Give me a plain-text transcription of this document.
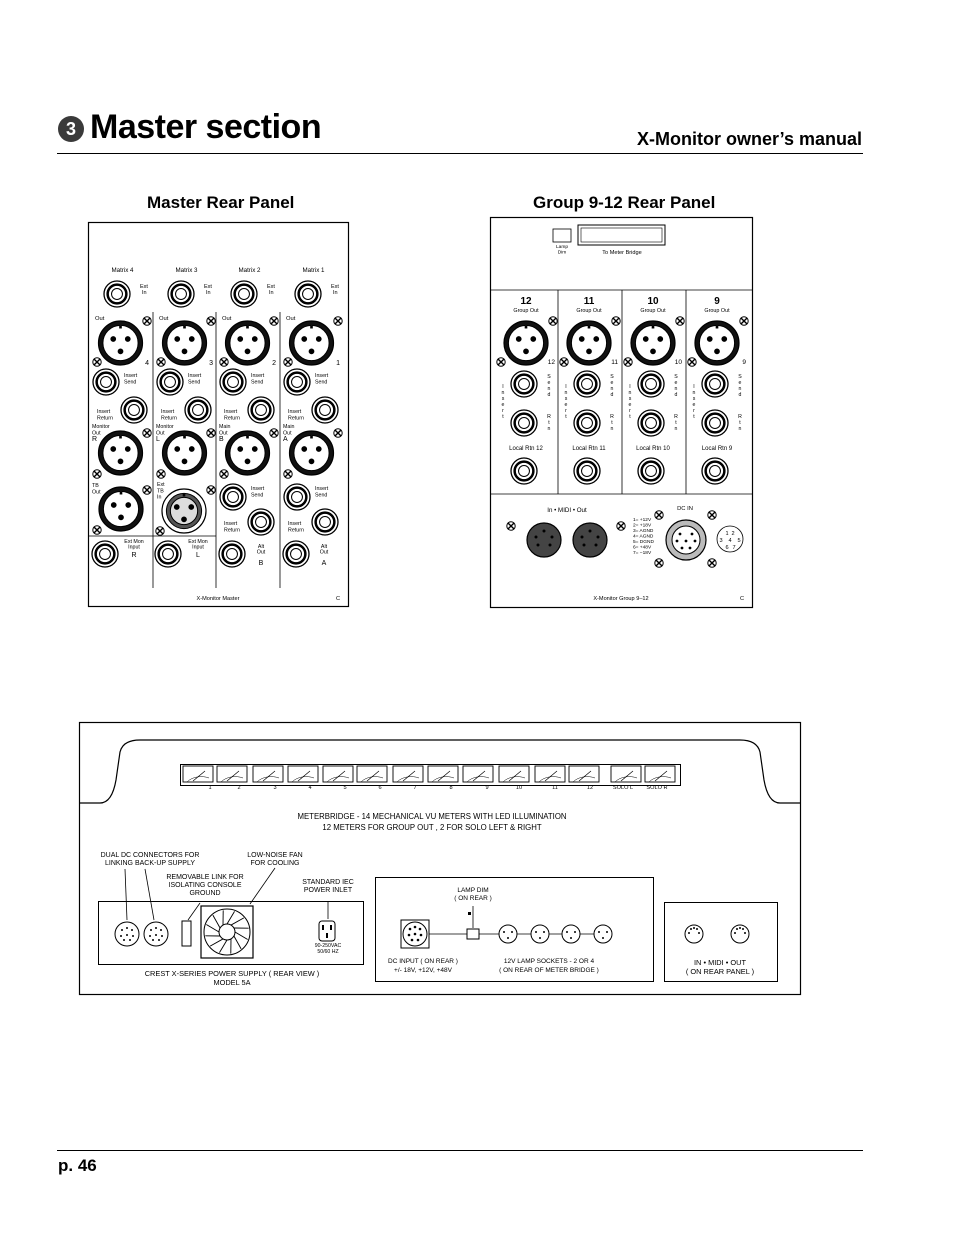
3 Master section	X-Monitor owner’s manual
Master Rear Panel	Group 9-12 Rear Panel
Matrix 4
Ext
In
Out
4
Insert
Send
Insert
Return
Matrix 3
Ext
In
Out
3
Insert
Send
Insert
Return
Matrix 2
Ext
In
Out
2
Insert
Send
Insert
Return
Matrix 1
Ext
In
Out
1
Insert
Send
Insert
Return
Monitor
Out
R
Monitor
Out
L
Main
Out
B
Main
Out
A
TB
Out
Ext
TB
In
Insert
Send
Insert
Return
Insert
Send
Insert
Return
Ext Mon
Input
R
Ext Mon
Input
L
Alt
Out
B
Alt
Out
A
X-Monitor Master	C
Lamp
Dim	To Meter Bridge
12
Group Out
12
I
n
s
e
r
t
S
e
n
d
R
t
n
Local Rtn 12
11
Group Out
11
I
n
s
e
r
t
S
e
n
d
R
t
n
Local Rtn 11
10
Group Out
10
I
n
s
e
r
t
S
e
n
d
R
t
n
Local Rtn 10
9
Group Out
9
I
n
s
e
r
t
S
e
n
d
R
t
n
Local Rtn 9
In • MIDI • Out	DC IN
1= +12V
2= +18V
3= AGND
4= AGND
5= DGND
6= +48V
7= −18V
1 2
3 4 5
6 7
X-Monitor Group 9–12	C
1	2	3	4	5	6	7	8	9	10	11	12	SOLO L SOLO R
METERBRIDGE - 14 MECHANICAL VU METERS WITH LED ILLUMINATION
12 METERS FOR GROUP OUT , 2 FOR SOLO LEFT & RIGHT
DUAL DC CONNECTORS FOR
LINKING BACK-UP SUPPLY
REMOVABLE LINK FOR
ISOLATING CONSOLE
GROUND
LOW-NOISE FAN
FOR COOLING
STANDARD IEC
POWER INLET
90-250VAC
50/60 HZ
CREST X-SERIES POWER SUPPLY ( REAR VIEW )
MODEL 5A
LAMP DIM
( ON REAR )
DC INPUT ( ON REAR )
+/- 18V, +12V, +48V
12V LAMP SOCKETS - 2 OR 4
( ON REAR OF METER BRIDGE )
IN • MIDI • OUT
( ON REAR PANEL )
p. 46
